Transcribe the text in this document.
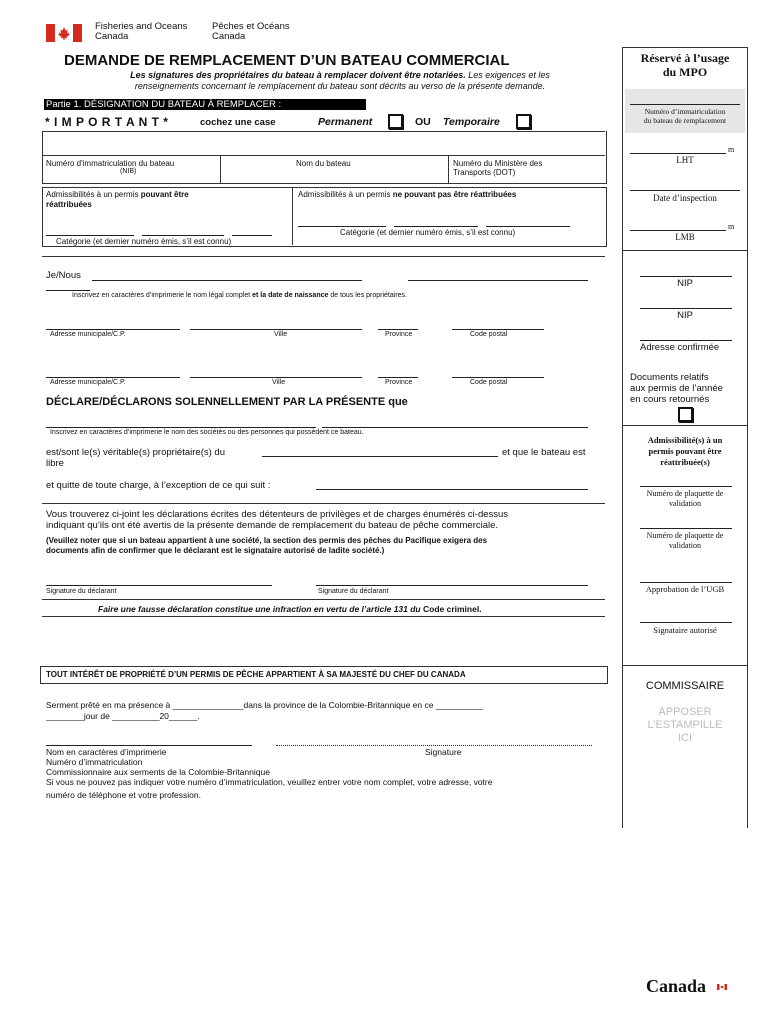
Fisheries and Oceans
Canada
Pêches et Océans
Canada
DEMANDE DE REMPLACEMENT D’UN BATEAU COMMERCIAL
Les signatures des propriétaires du bateau à remplacer doivent être notariées. Les exigences et les
renseignements concernant le remplacement du bateau sont décrits au verso de la présente demande.
Partie 1. DÉSIGNATION DU BATEAU À REMPLACER :
* I M P O R T A N T *	cochez une case	Permanent	OU Temporaire
Numéro d'immatriculation du bateau
(NIB)
Nom du bateau	Numéro du Ministère des
Transports (DOT)
Admissibilités à un permis pouvant être
réattribuées
Admissibilités à un permis ne pouvant pas être réattribuées
Catégorie (et dernier numéro émis, s’il est connu)
Catégorie (et dernier numéro émis, s’il est connu)
Je/Nous
Inscrivez en caractères d’imprimerie le nom légal complet et la date de naissance de tous les propriétaires.
Adresse municipale/C.P.	Ville	Province	Code postal
Adresse municipale/C.P.	Ville	Province	Code postal
DÉCLARE/DÉCLARONS SOLENNELLEMENT PAR LA PRÉSENTE que
Inscrivez en caractères d’imprimerie le nom des sociétés ou des personnes qui possèdent ce bateau.
est/sont le(s) véritable(s) propriétaire(s) du	et que le bateau est
libre
et quitte de toute charge, à l’exception de ce qui suit :
Vous trouverez ci-joint les déclarations écrites des détenteurs de privilèges et de charges énumérés ci-dessus
indiquant qu’ils ont été avertis de la présente demande de remplacement du bateau de pêche commerciale.
(Veuillez noter que si un bateau appartient à une société, la section des permis des pêches du Pacifique exigera des
documents afin de confirmer que le déclarant est le signataire autorisé de ladite société.)
Signature du déclarant	Signature du déclarant
Faire une fausse déclaration constitue une infraction en vertu de l’article 131 du Code criminel.
Réservé à l’usage
du MPO
Numéro d’immatriculation
du bateau de remplacement
m
LHT
Date d’inspection
m
LMB
NIP
NIP
Adresse confirmée
Documents relatifs
aux permis de l’année
en cours retournés
Admissibilité(s) à un
permis pouvant être
réattribuée(s)
Numéro de plaquette de
validation
Numéro de plaquette de
validation
Approbation de l’UGB
Signataire autorisé
COMMISSAIRE
APPOSER
L’ESTAMPILLE
ICI
TOUT INTÉRÊT DE PROPRIÉTÉ D’UN PERMIS DE PÊCHE APPARTIENT À SA MAJESTÉ DU CHEF DU CANADA
Serment prêté en ma présence à _______________dans la province de la Colombie-Britannique en ce __________
________jour de __________20______.
Nom en caractères d’imprimerie
Numéro d’immatriculation
Commissionnaire aux serments de la Colombie-Britannique
Si vous ne pouvez pas indiquer votre numéro d’immatriculation, veuillez entrer votre nom complet, votre adresse, votre
numéro de téléphone et votre profession.
Signature
Canada
